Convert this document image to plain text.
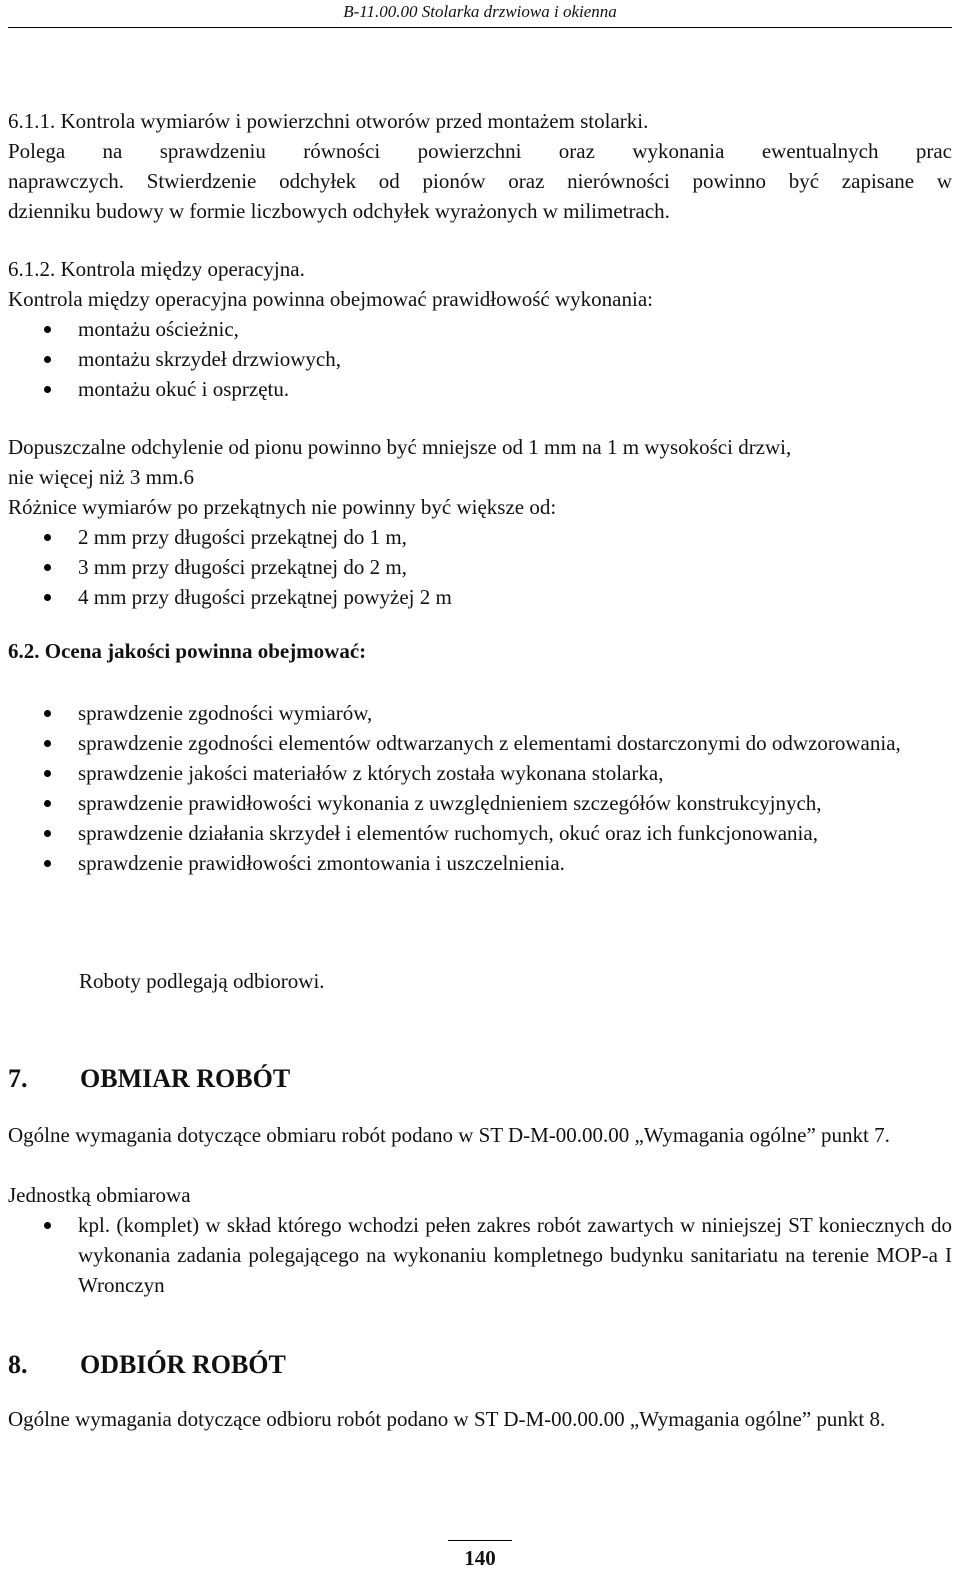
B-11.00.00 Stolarka drzwiowa i okienna
6.1.1. Kontrola wymiarów i powierzchni otworów przed montażem stolarki.
Polega na sprawdzeniu równości powierzchni oraz wykonania ewentualnych prac
naprawczych. Stwierdzenie odchyłek od pionów oraz nierówności powinno być zapisane w
dzienniku budowy w formie liczbowych odchyłek wyrażonych w milimetrach.
6.1.2. Kontrola między operacyjna.
Kontrola między operacyjna powinna obejmować prawidłowość wykonania:
montażu ościeżnic,
montażu skrzydeł drzwiowych,
montażu okuć i osprzętu.
Dopuszczalne odchylenie od pionu powinno być mniejsze od 1 mm na 1 m wysokości drzwi,
nie więcej niż 3 mm.6
Różnice wymiarów po przekątnych nie powinny być większe od:
2 mm przy długości przekątnej do 1 m,
3 mm przy długości przekątnej do 2 m,
4 mm przy długości przekątnej powyżej 2 m
6.2. Ocena jakości powinna obejmować:
sprawdzenie zgodności wymiarów,
sprawdzenie zgodności elementów odtwarzanych z elementami dostarczonymi do odwzorowania,
sprawdzenie jakości materiałów z których została wykonana stolarka,
sprawdzenie prawidłowości wykonania z uwzględnieniem szczegółów konstrukcyjnych,
sprawdzenie działania skrzydeł i elementów ruchomych, okuć oraz ich funkcjonowania,
sprawdzenie prawidłowości zmontowania i uszczelnienia.
Roboty podlegają odbiorowi.
7. OBMIAR ROBÓT
Ogólne wymagania dotyczące obmiaru robót podano w ST D-M-00.00.00 „Wymagania ogólne” punkt 7.
Jednostką obmiarowa
kpl. (komplet) w skład którego wchodzi pełen zakres robót zawartych w niniejszej ST koniecznych do wykonania zadania polegającego na wykonaniu kompletnego budynku sanitariatu na terenie MOP-a I Wronczyn
8. ODBIÓR ROBÓT
Ogólne wymagania dotyczące odbioru robót podano w ST D-M-00.00.00 „Wymagania ogólne” punkt 8.
140
